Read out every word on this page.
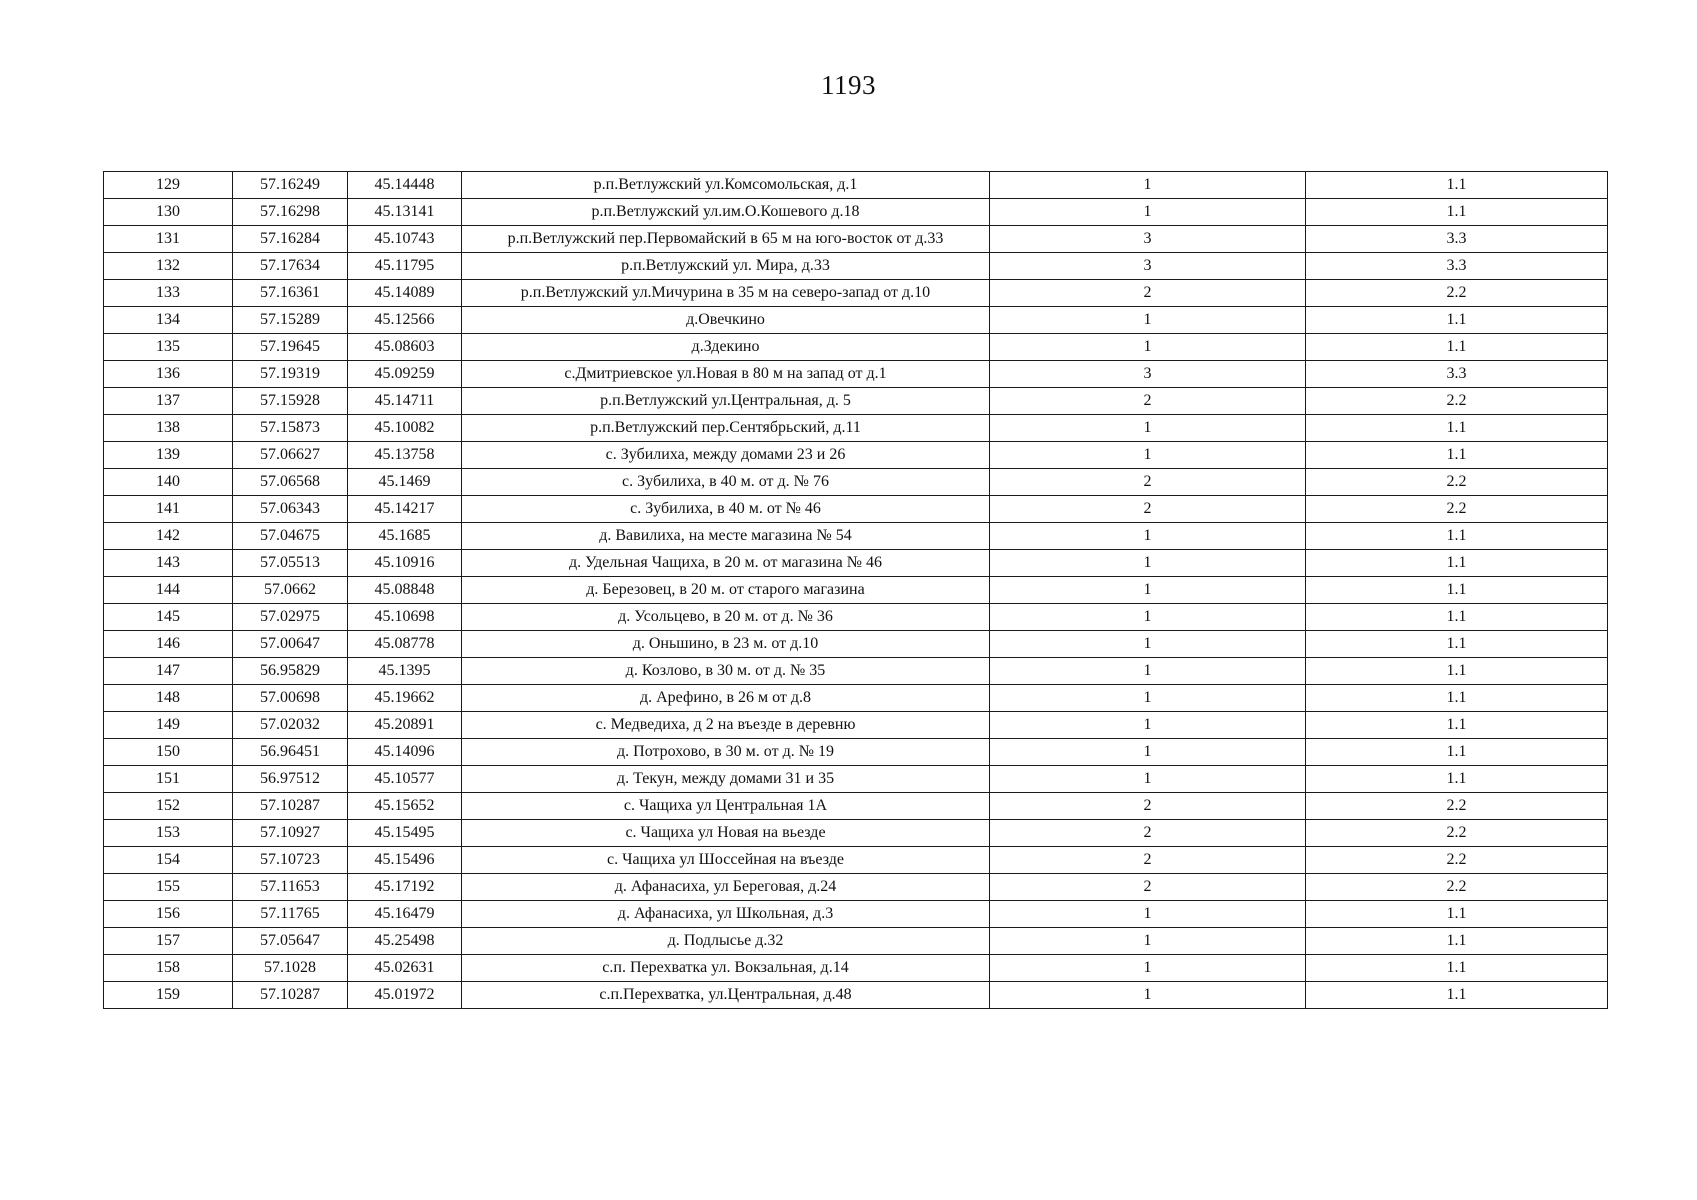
1193
129	57.16249	45.14448	р.п.Ветлужский ул.Комсомольская, д.1	1	1.1
130	57.16298	45.13141	р.п.Ветлужский ул.им.О.Кошевого д.18	1	1.1
131	57.16284	45.10743	р.п.Ветлужский пер.Первомайский в 65 м на юго-восток от д.33	3	3.3
132	57.17634	45.11795	р.п.Ветлужский ул. Мира, д.33	3	3.3
133	57.16361	45.14089	р.п.Ветлужский ул.Мичурина в 35 м на северо-запад от д.10	2	2.2
134	57.15289	45.12566	д.Овечкино	1	1.1
135	57.19645	45.08603	д.Здекино	1	1.1
136	57.19319	45.09259	с.Дмитриевское ул.Новая в 80 м на запад от д.1	3	3.3
137	57.15928	45.14711	р.п.Ветлужский ул.Центральная, д. 5	2	2.2
138	57.15873	45.10082	р.п.Ветлужский пер.Сентябрьский, д.11	1	1.1
139	57.06627	45.13758	с. Зубилиха, между домами 23 и 26	1	1.1
140	57.06568	45.1469	с. Зубилиха, в 40 м. от д. № 76	2	2.2
141	57.06343	45.14217	с. Зубилиха, в 40 м. от № 46	2	2.2
142	57.04675	45.1685	д. Вавилиха, на месте магазина № 54	1	1.1
143	57.05513	45.10916	д. Удельная Чащиха, в 20 м. от магазина № 46	1	1.1
144	57.0662	45.08848	д. Березовец, в 20 м. от старого магазина	1	1.1
145	57.02975	45.10698	д. Усольцево, в 20 м. от д. № 36	1	1.1
146	57.00647	45.08778	д. Оньшино, в 23 м. от д.10	1	1.1
147	56.95829	45.1395	д. Козлово, в 30 м. от д. № 35	1	1.1
148	57.00698	45.19662	д. Арефино, в 26 м от д.8	1	1.1
149	57.02032	45.20891	с. Медведиха, д 2 на въезде в деревню	1	1.1
150	56.96451	45.14096	д. Потрохово, в 30 м. от д. № 19	1	1.1
151	56.97512	45.10577	д. Текун, между домами 31 и 35	1	1.1
152	57.10287	45.15652	с. Чащиха ул Центральная 1А	2	2.2
153	57.10927	45.15495	с. Чащиха ул Новая на вьезде	2	2.2
154	57.10723	45.15496	с. Чащиха ул Шоссейная на въезде	2	2.2
155	57.11653	45.17192	д. Афанасиха, ул Береговая, д.24	2	2.2
156	57.11765	45.16479	д. Афанасиха, ул Школьная, д.3	1	1.1
157	57.05647	45.25498	д. Подлысье д.32	1	1.1
158	57.1028	45.02631	с.п. Перехватка ул. Вокзальная, д.14	1	1.1
159	57.10287	45.01972	с.п.Перехватка, ул.Центральная, д.48	1	1.1
